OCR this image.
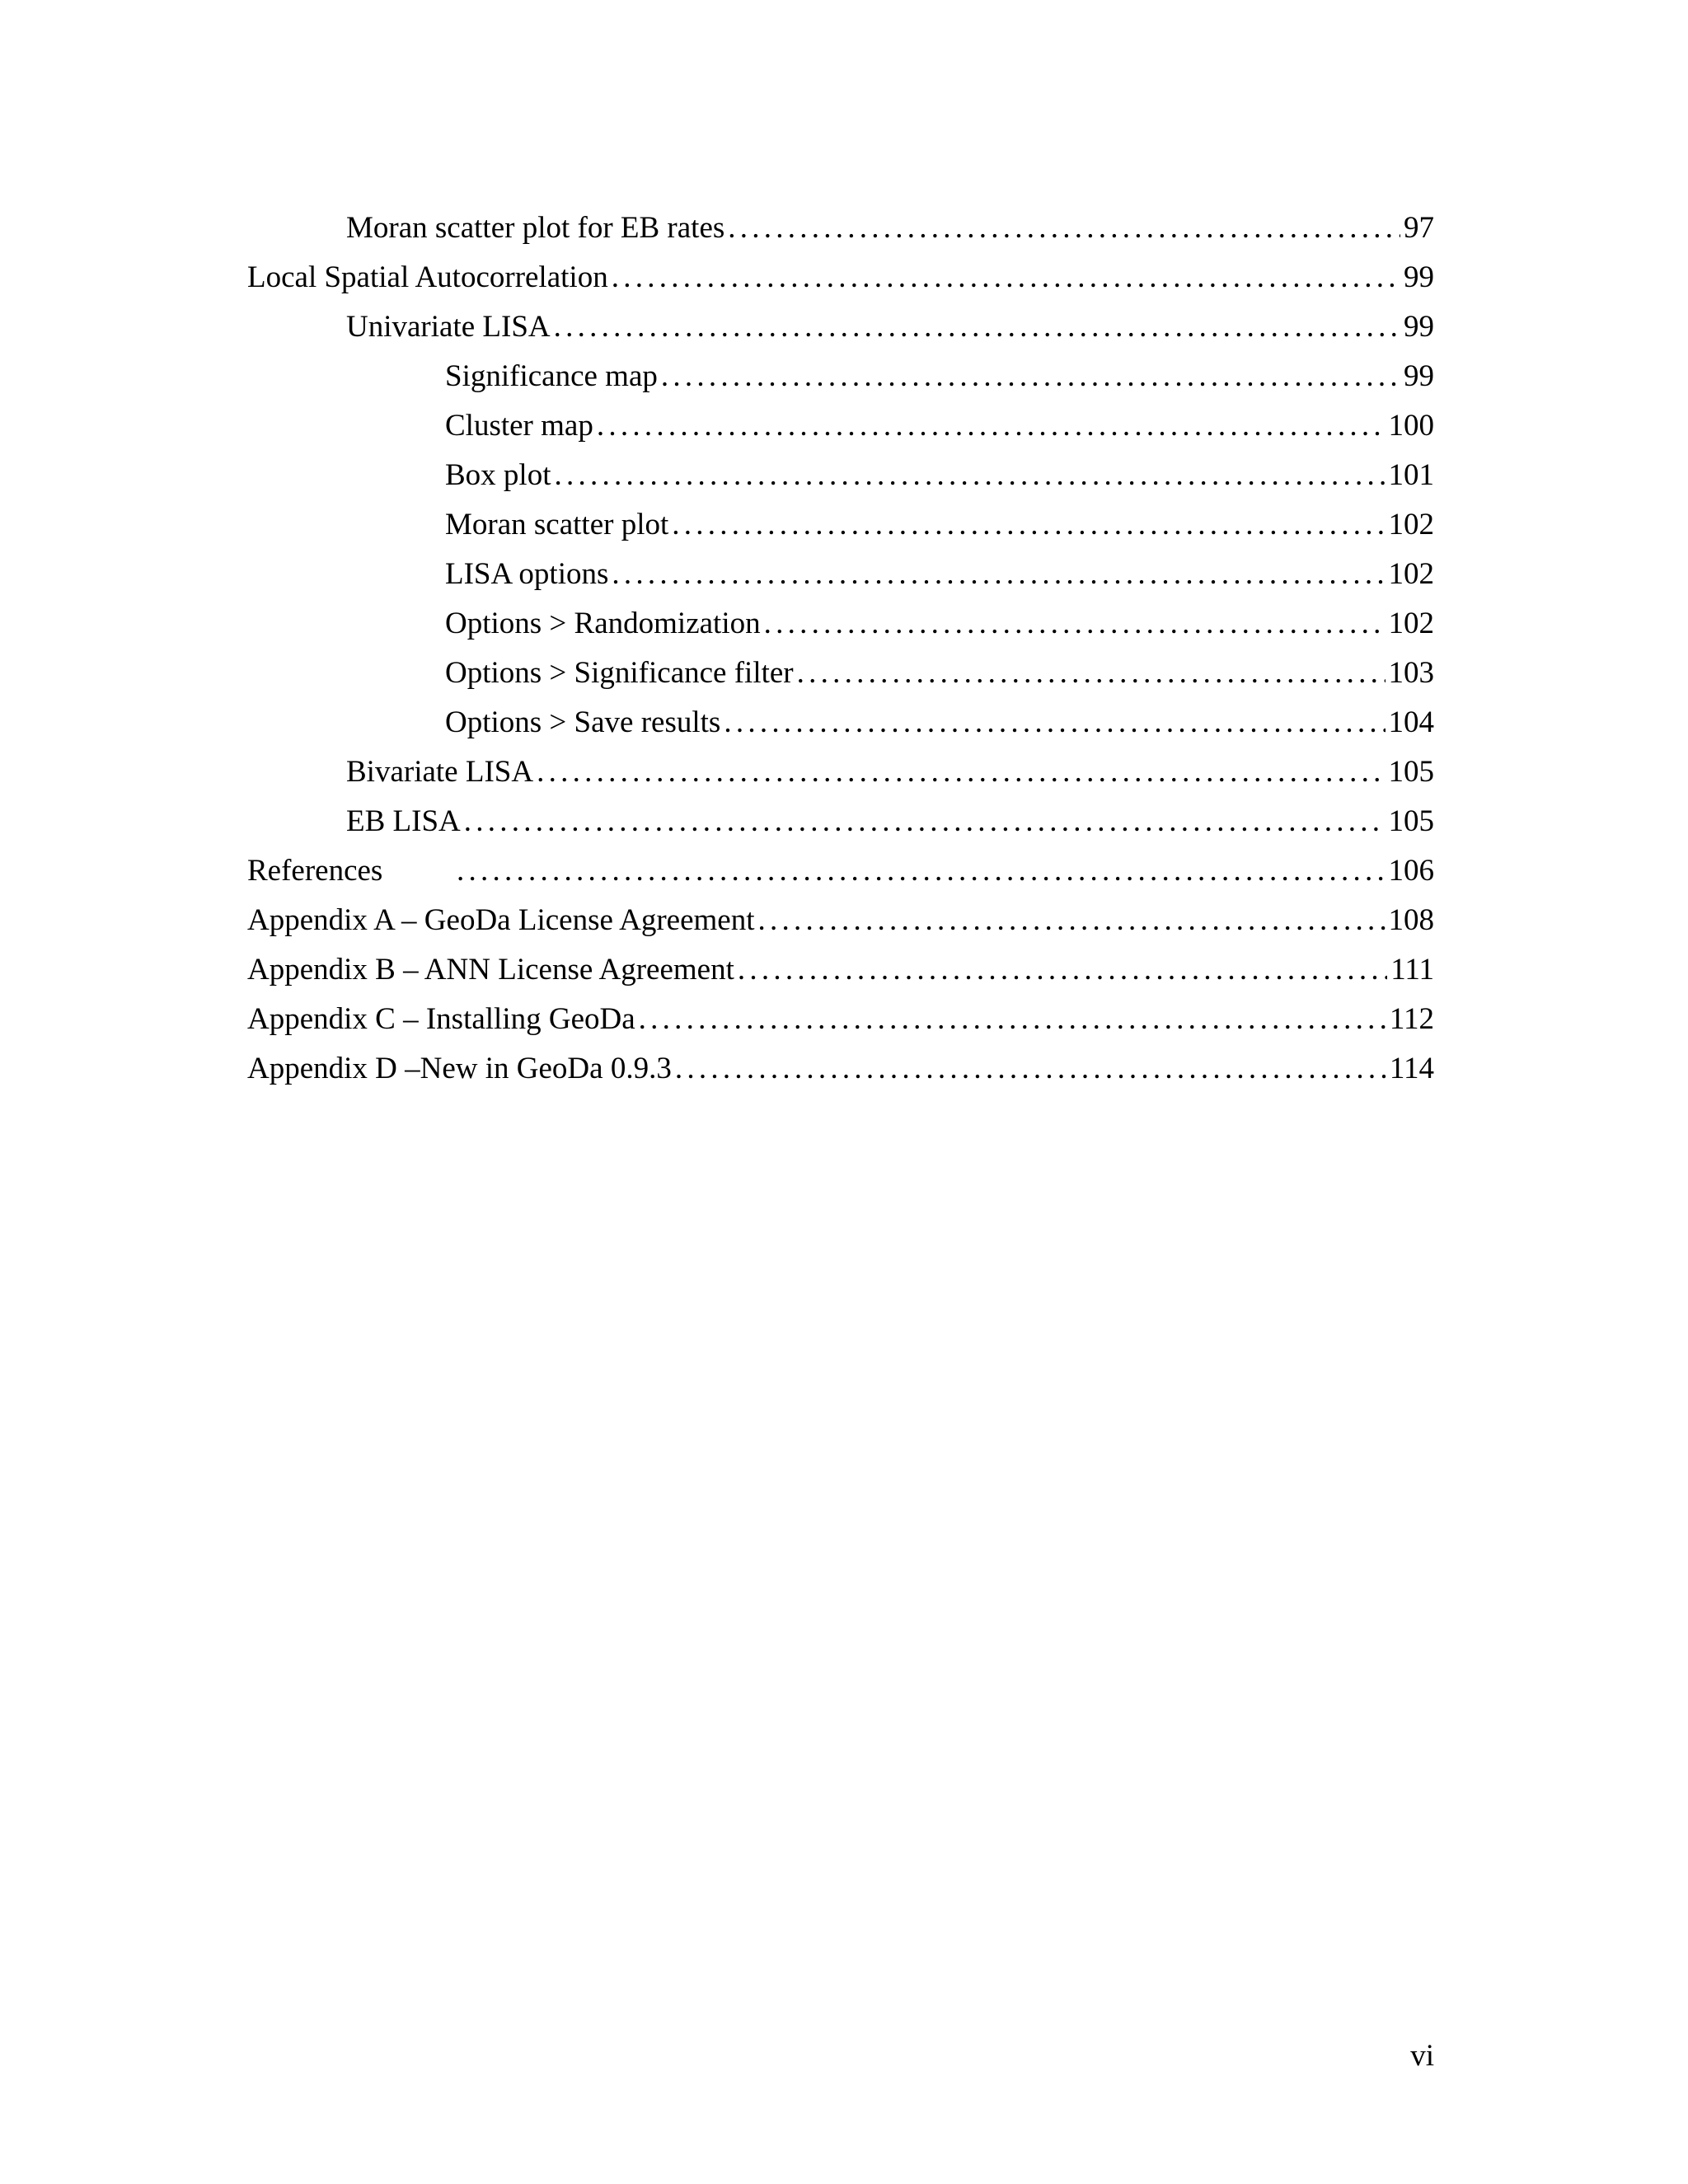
Moran scatter plot for EB rates . . .	97
Local Spatial Autocorrelation . . .	99
Univariate LISA . . .	99
Significance map . . .	99
Cluster map . . .	100
Box plot . . .	101
Moran scatter plot . . .	102
LISA options . . .	102
Options > Randomization . . .	102
Options > Significance filter . . .	103
Options > Save results . . .	104
Bivariate LISA . . .	105
EB LISA . . .	105
References . . .	106
Appendix A – GeoDa License Agreement . . .	108
Appendix B – ANN License Agreement . . .	111
Appendix C – Installing GeoDa . . .	112
Appendix D –New in GeoDa 0.9.3 . . .	114
vi
